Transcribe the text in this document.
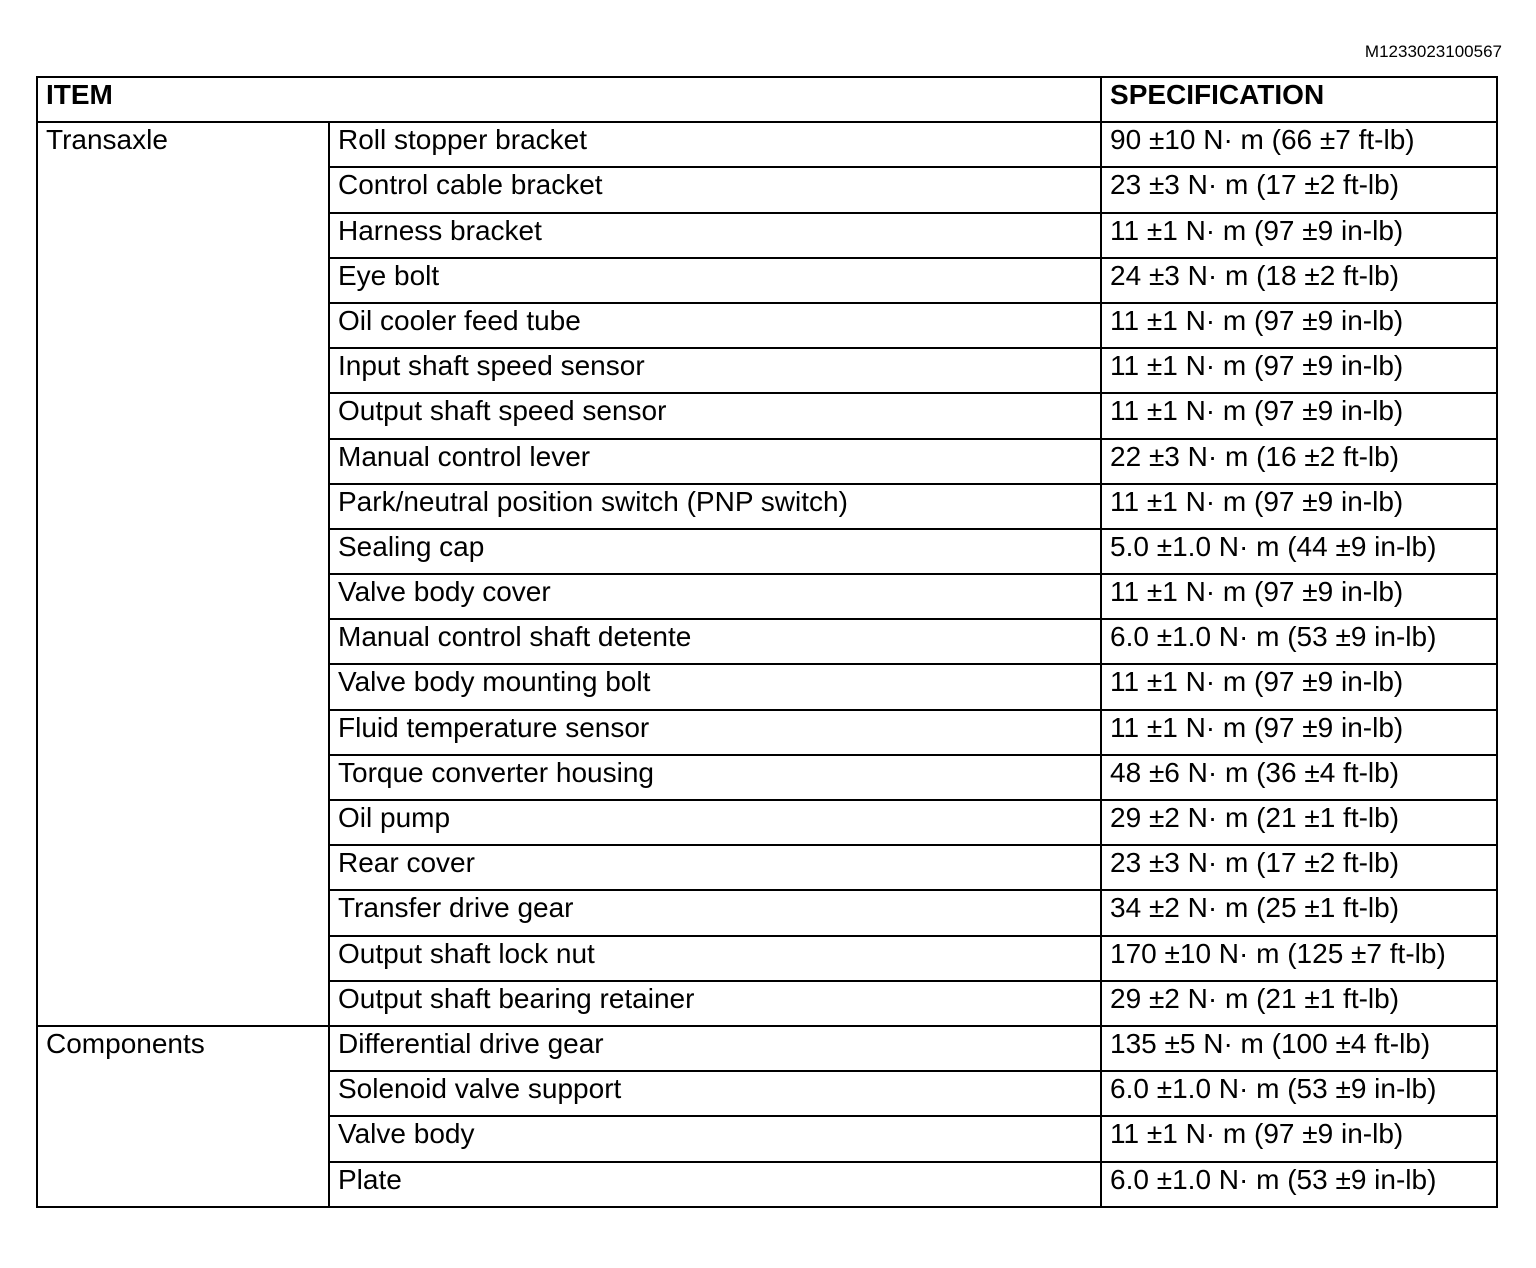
M1233023100567
ITEM		SPECIFICATION
Transaxle	Roll stopper bracket	90 ±10 N· m (66 ±7 ft-lb)
	Control cable bracket	23 ±3 N· m (17 ±2 ft-lb)
	Harness bracket	11 ±1 N· m (97 ±9 in-lb)
	Eye bolt	24 ±3 N· m (18 ±2 ft-lb)
	Oil cooler feed tube	11 ±1 N· m (97 ±9 in-lb)
	Input shaft speed sensor	11 ±1 N· m (97 ±9 in-lb)
	Output shaft speed sensor	11 ±1 N· m (97 ±9 in-lb)
	Manual control lever	22 ±3 N· m (16 ±2 ft-lb)
	Park/neutral position switch (PNP switch)	11 ±1 N· m (97 ±9 in-lb)
	Sealing cap	5.0 ±1.0 N· m (44 ±9 in-lb)
	Valve body cover	11 ±1 N· m (97 ±9 in-lb)
	Manual control shaft detente	6.0 ±1.0 N· m (53 ±9 in-lb)
	Valve body mounting bolt	11 ±1 N· m (97 ±9 in-lb)
	Fluid temperature sensor	11 ±1 N· m (97 ±9 in-lb)
	Torque converter housing	48 ±6 N· m (36 ±4 ft-lb)
	Oil pump	29 ±2 N· m (21 ±1 ft-lb)
	Rear cover	23 ±3 N· m (17 ±2 ft-lb)
	Transfer drive gear	34 ±2 N· m (25 ±1 ft-lb)
	Output shaft lock nut	170 ±10 N· m (125 ±7 ft-lb)
	Output shaft bearing retainer	29 ±2 N· m (21 ±1 ft-lb)
Components	Differential drive gear	135 ±5 N· m (100 ±4 ft-lb)
	Solenoid valve support	6.0 ±1.0 N· m (53 ±9 in-lb)
	Valve body	11 ±1 N· m (97 ±9 in-lb)
	Plate	6.0 ±1.0 N· m (53 ±9 in-lb)
